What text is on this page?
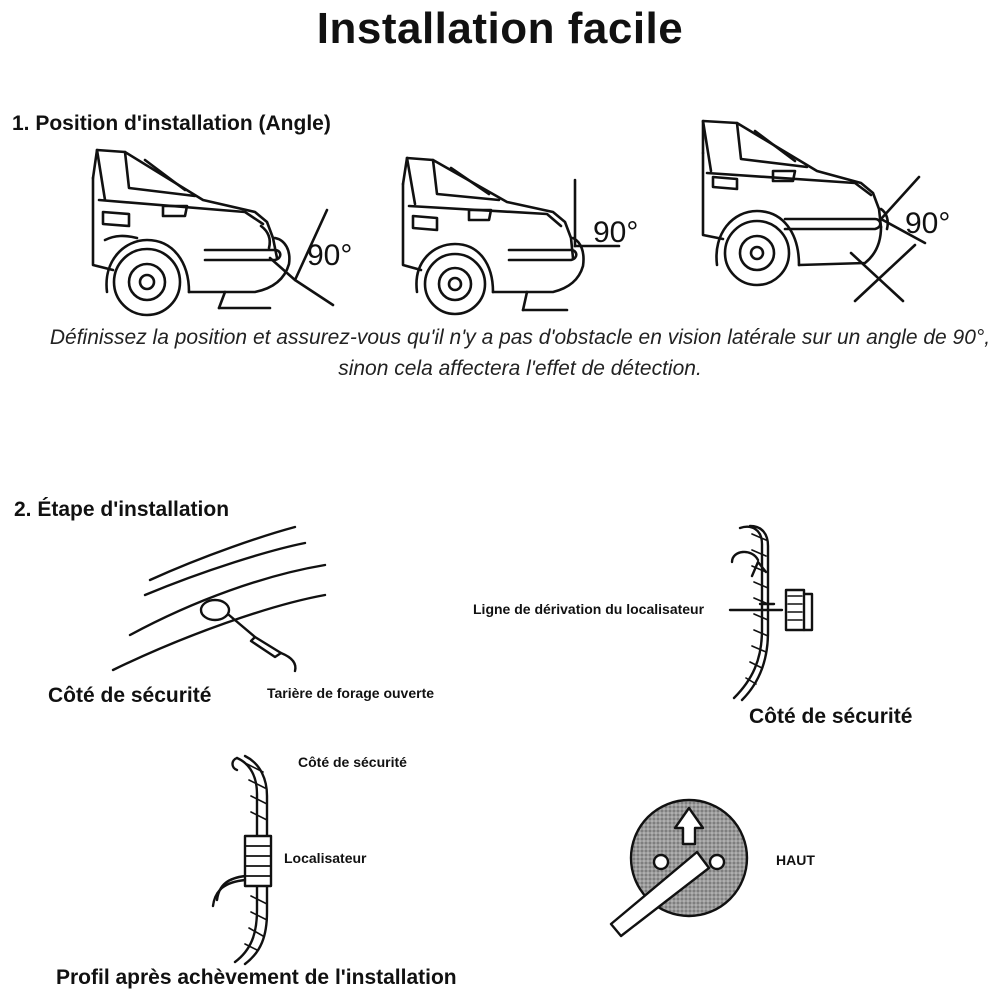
Installation facile
1. Position d'installation (Angle)
90°
90°	90°
Définissez la position et assurez-vous qu'il n'y a pas d'obstacle en vision latérale sur un angle de 90°, sinon cela affectera l'effet de détection.
2. Étape d'installation
Côté de sécurité	Tarière de forage ouverte
Ligne de dérivation du localisateur
Côté de sécurité
Côté de sécurité
Localisateur
Profil après achèvement de l'installation
HAUT
